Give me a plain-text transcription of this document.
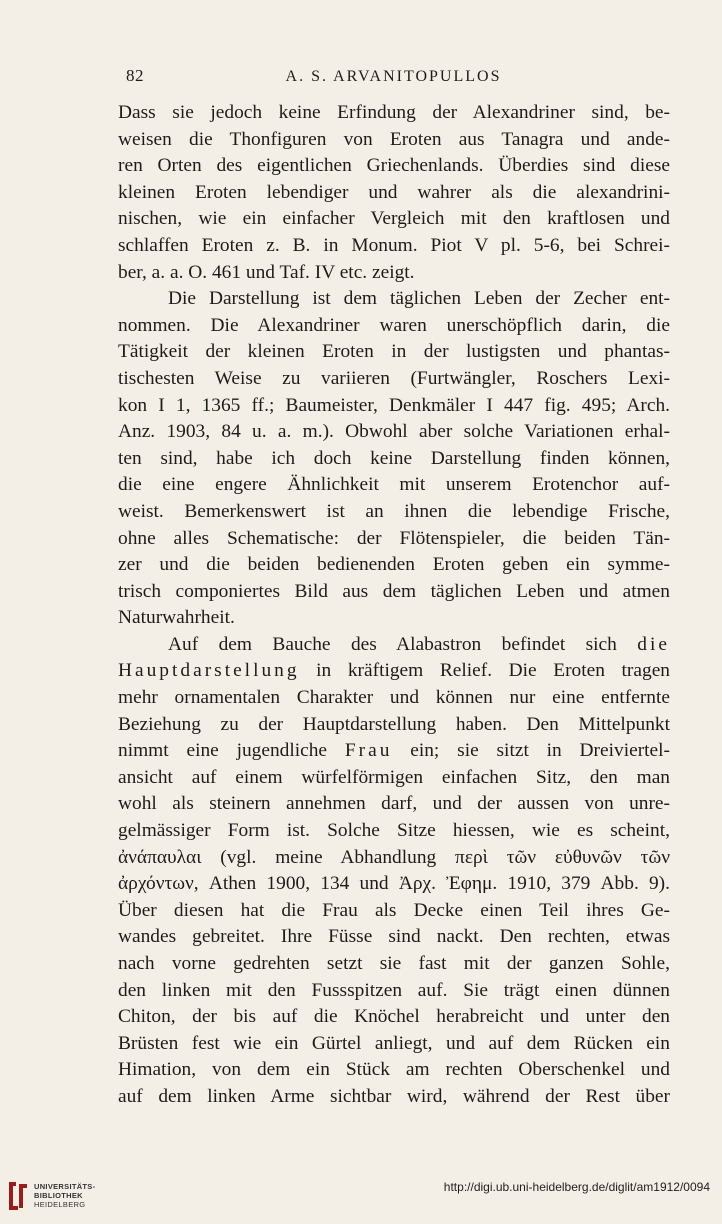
82	A. S. ARVANITOPULLOS
Dass sie jedoch keine Erfindung der Alexandriner sind, be-
weisen die Thonfiguren von Eroten aus Tanagra und ande-
ren Orten des eigentlichen Griechenlands. Überdies sind diese
kleinen Eroten lebendiger und wahrer als die alexandrini-
nischen, wie ein einfacher Vergleich mit den kraftlosen und
schlaffen Eroten z. B. in Monum. Piot V pl. 5-6, bei Schrei-
ber, a. a. O. 461 und Taf. IV etc. zeigt.
Die Darstellung ist dem täglichen Leben der Zecher ent-
nommen. Die Alexandriner waren unerschöpflich darin, die
Tätigkeit der kleinen Eroten in der lustigsten und phantas-
tischesten Weise zu variieren (Furtwängler, Roschers Lexi-
kon I 1, 1365 ff.; Baumeister, Denkmäler I 447 fig. 495; Arch.
Anz. 1903, 84 u. a. m.). Obwohl aber solche Variationen erhal-
ten sind, habe ich doch keine Darstellung finden können,
die eine engere Ähnlichkeit mit unserem Erotenchor auf-
weist. Bemerkenswert ist an ihnen die lebendige Frische,
ohne alles Schematische: der Flötenspieler, die beiden Tän-
zer und die beiden bedienenden Eroten geben ein symme-
trisch componiertes Bild aus dem täglichen Leben und atmen
Naturwahrheit.
Auf dem Bauche des Alabastron befindet sich die
Hauptdarstellung in kräftigem Relief. Die Eroten tragen
mehr ornamentalen Charakter und können nur eine entfernte
Beziehung zu der Hauptdarstellung haben. Den Mittelpunkt
nimmt eine jugendliche Frau ein; sie sitzt in Dreiviertel-
ansicht auf einem würfelförmigen einfachen Sitz, den man
wohl als steinern annehmen darf, und der aussen von unre-
gelmässiger Form ist. Solche Sitze hiessen, wie es scheint,
ἀνάπαυλαι (vgl. meine Abhandlung περὶ τῶν εὐθυνῶν τῶν
ἀρχόντων, Athen 1900, 134 und Ἀρχ. Ἐφημ. 1910, 379 Abb. 9).
Über diesen hat die Frau als Decke einen Teil ihres Ge-
wandes gebreitet. Ihre Füsse sind nackt. Den rechten, etwas
nach vorne gedrehten setzt sie fast mit der ganzen Sohle,
den linken mit den Fussspitzen auf. Sie trägt einen dünnen
Chiton, der bis auf die Knöchel herabreicht und unter den
Brüsten fest wie ein Gürtel anliegt, und auf dem Rücken ein
Himation, von dem ein Stück am rechten Oberschenkel und
auf dem linken Arme sichtbar wird, während der Rest über
UNIVERSITÄTS-
BIBLIOTHEK
HEIDELBERG
http://digi.ub.uni-heidelberg.de/diglit/am1912/0094
